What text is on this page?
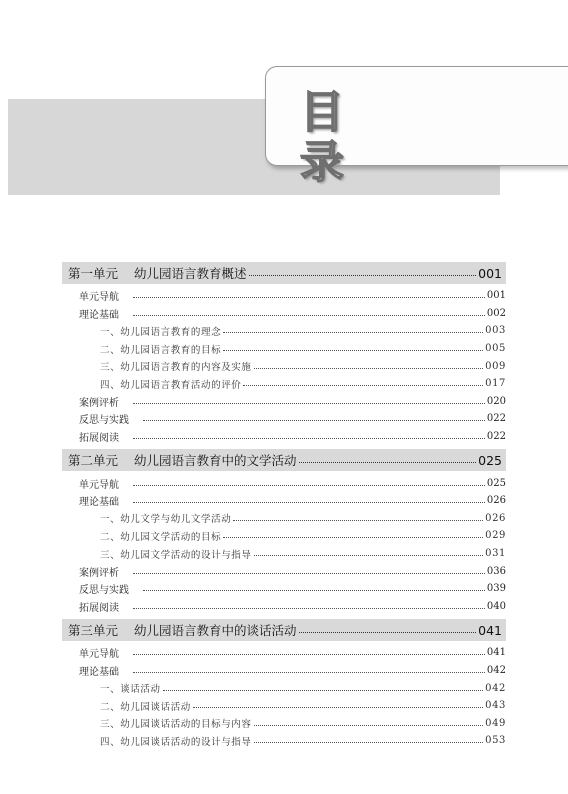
目 录
第一单元 幼儿园语言教育概述	001
单元导航	001
理论基础	002
一、幼儿园语言教育的理念	003
二、幼儿园语言教育的目标	005
三、幼儿园语言教育的内容及实施	009
四、幼儿园语言教育活动的评价	017
案例评析	020
反思与实践	022
拓展阅读	022
第二单元 幼儿园语言教育中的文学活动	025
单元导航	025
理论基础	026
一、幼儿文学与幼儿文学活动	026
二、幼儿园文学活动的目标	029
三、幼儿园文学活动的设计与指导	031
案例评析	036
反思与实践	039
拓展阅读	040
第三单元 幼儿园语言教育中的谈话活动	041
单元导航	041
理论基础	042
一、谈话活动	042
二、幼儿园谈话活动	043
三、幼儿园谈话活动的目标与内容	049
四、幼儿园谈话活动的设计与指导	053
